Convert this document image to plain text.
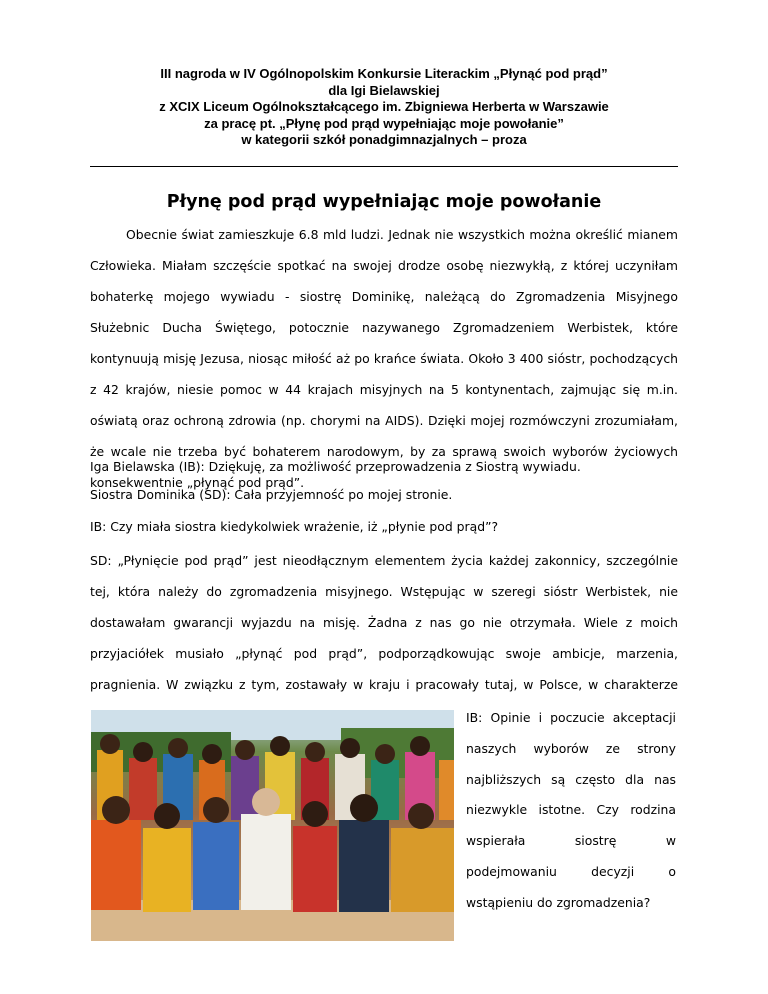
III nagroda w IV Ogólnopolskim Konkursie Literackim „Płynąć pod prąd”
dla Igi Bielawskiej
z XCIX Liceum Ogólnokształcącego im. Zbigniewa Herberta w Warszawie
za pracę pt. „Płynę pod prąd wypełniając moje powołanie”
w kategorii szkół ponadgimnazjalnych – proza
Płynę pod prąd wypełniając moje powołanie
Obecnie świat zamieszkuje 6.8 mld ludzi. Jednak nie wszystkich można określić mianem Człowieka. Miałam szczęście spotkać na swojej drodze osobę niezwykłą, z której uczyniłam bohaterkę mojego wywiadu - siostrę Dominikę, należącą do Zgromadzenia Misyjnego Służebnic Ducha Świętego, potocznie nazywanego Zgromadzeniem Werbistek, które kontynuują misję Jezusa, niosąc miłość aż po krańce świata. Około 3 400 sióstr, pochodzących z 42 krajów, niesie pomoc w 44 krajach misyjnych na 5 kontynentach, zajmując się m.in. oświatą oraz ochroną zdrowia (np. chorymi na AIDS). Dzięki mojej rozmówczyni zrozumiałam, że wcale nie trzeba być bohaterem narodowym, by za sprawą swoich wyborów życiowych konsekwentnie „płynąć pod prąd”.
Iga Bielawska (IB): Dziękuję, za możliwość przeprowadzenia z Siostrą wywiadu.
Siostra Dominika (SD): Cała przyjemność po mojej stronie.
IB: Czy miała siostra kiedykolwiek wrażenie, iż „płynie pod prąd”?
SD: „Płynięcie pod prąd” jest nieodłącznym elementem życia każdej zakonnicy, szczególnie tej, która należy do zgromadzenia misyjnego. Wstępując w szeregi sióstr Werbistek, nie dostawałam gwarancji wyjazdu na misję. Żadna z nas go nie otrzymała. Wiele z moich przyjaciółek musiało „płynąć pod prąd”, podporządkowując swoje ambicje, marzenia, pragnienia. W związku z tym, zostawały w kraju i pracowały tutaj, w Polsce, w charakterze
IB: Opinie i poczucie akceptacji naszych wyborów ze strony najbliższych są często dla nas niezwykle istotne. Czy rodzina wspierała siostrę w podejmowaniu decyzji o wstąpieniu do zgromadzenia?
